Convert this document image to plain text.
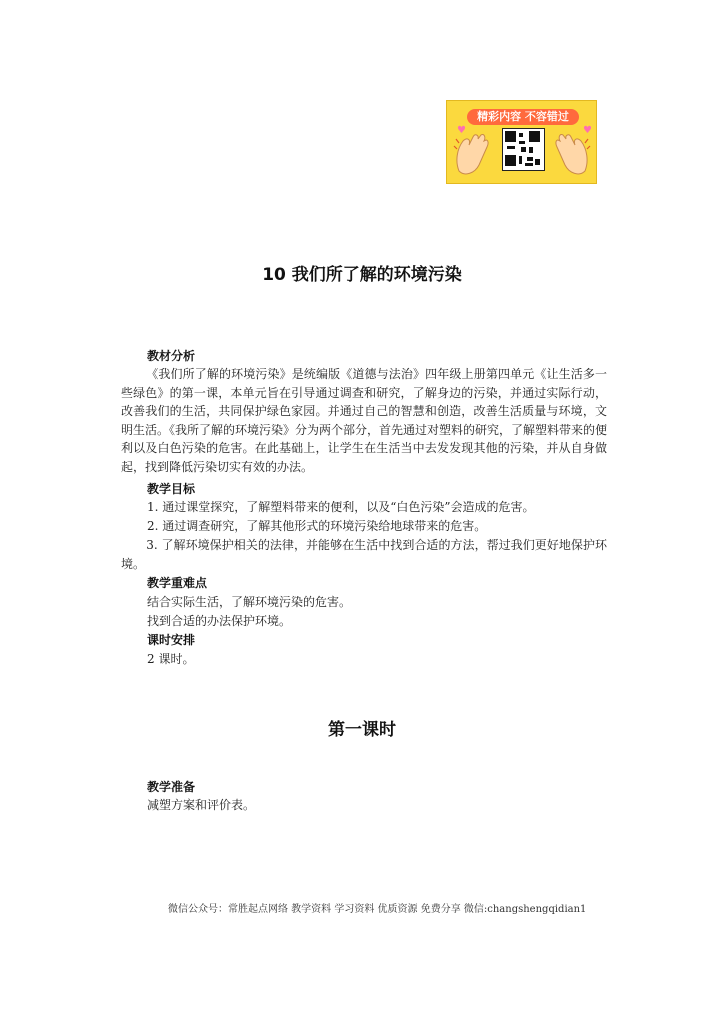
精彩内容 不容错过
♥	♥
10 我们所了解的环境污染
教材分析
《我们所了解的环境污染》是统编版《道德与法治》四年级上册第四单元《让生活多一些绿色》的第一课，本单元旨在引导通过调查和研究，了解身边的污染，并通过实际行动，改善我们的生活，共同保护绿色家园。并通过自己的智慧和创造，改善生活质量与环境，文明生活。《我所了解的环境污染》分为两个部分，首先通过对塑料的研究，了解塑料带来的便利以及白色污染的危害。在此基础上，让学生在生活当中去发发现其他的污染，并从自身做起，找到降低污染切实有效的办法。
教学目标
1. 通过课堂探究，了解塑料带来的便利，以及“白色污染”会造成的危害。
2. 通过调查研究，了解其他形式的环境污染给地球带来的危害。
3. 了解环境保护相关的法律，并能够在生活中找到合适的方法，帮过我们更好地保护环境。
教学重难点
结合实际生活，了解环境污染的危害。
找到合适的办法保护环境。
课时安排
2 课时。
第一课时
教学准备
减塑方案和评价表。
微信公众号：常胜起点网络 教学资料 学习资料 优质资源 免费分享 微信:changshengqidian1
